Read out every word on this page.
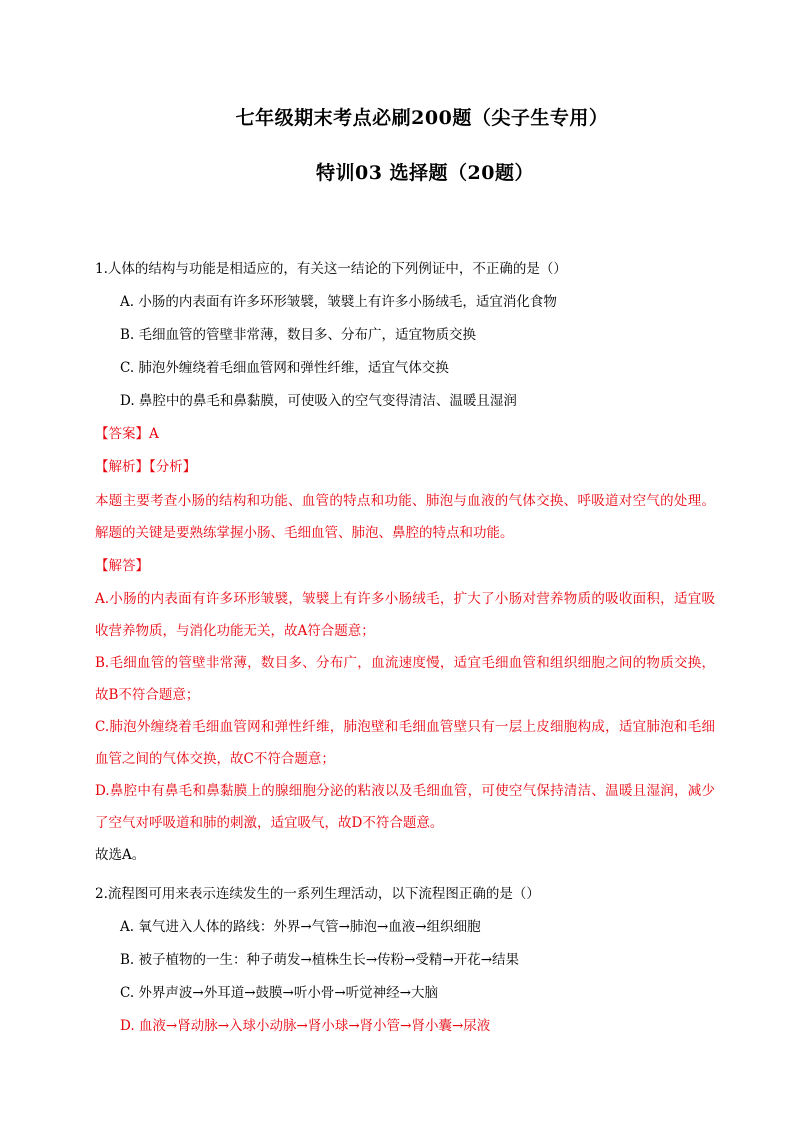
七年级期末考点必刷200题（尖子生专用）
特训03 选择题（20题）
1.人体的结构与功能是相适应的，有关这一结论的下列例证中，不正确的是（）
A. 小肠的内表面有许多环形皱襞，皱襞上有许多小肠绒毛，适宜消化食物
B. 毛细血管的管壁非常薄，数目多、分布广，适宜物质交换
C. 肺泡外缠绕着毛细血管网和弹性纤维，适宜气体交换
D. 鼻腔中的鼻毛和鼻黏膜，可使吸入的空气变得清洁、温暖且湿润
【答案】A
【解析】【分析】
本题主要考查小肠的结构和功能、血管的特点和功能、肺泡与血液的气体交换、呼吸道对空气的处理。解题的关键是要熟练掌握小肠、毛细血管、肺泡、鼻腔的特点和功能。
【解答】
A.小肠的内表面有许多环形皱襞，皱襞上有许多小肠绒毛，扩大了小肠对营养物质的吸收面积，适宜吸收营养物质，与消化功能无关，故A符合题意；
B.毛细血管的管壁非常薄，数目多、分布广，血流速度慢，适宜毛细血管和组织细胞之间的物质交换，故B不符合题意；
C.肺泡外缠绕着毛细血管网和弹性纤维，肺泡壁和毛细血管壁只有一层上皮细胞构成，适宜肺泡和毛细血管之间的气体交换，故C不符合题意；
D.鼻腔中有鼻毛和鼻黏膜上的腺细胞分泌的粘液以及毛细血管，可使空气保持清洁、温暖且湿润，减少了空气对呼吸道和肺的刺激，适宜吸气，故D不符合题意。
故选A。
2.流程图可用来表示连续发生的一系列生理活动，以下流程图正确的是（）
A. 氧气进入人体的路线：外界→气管→肺泡→血液→组织细胞
B. 被子植物的一生：种子萌发→植株生长→传粉→受精→开花→结果
C. 外界声波→外耳道→鼓膜→听小骨→听觉神经→大脑
D. 血液→肾动脉→入球小动脉→肾小球→肾小管→肾小囊→尿液
